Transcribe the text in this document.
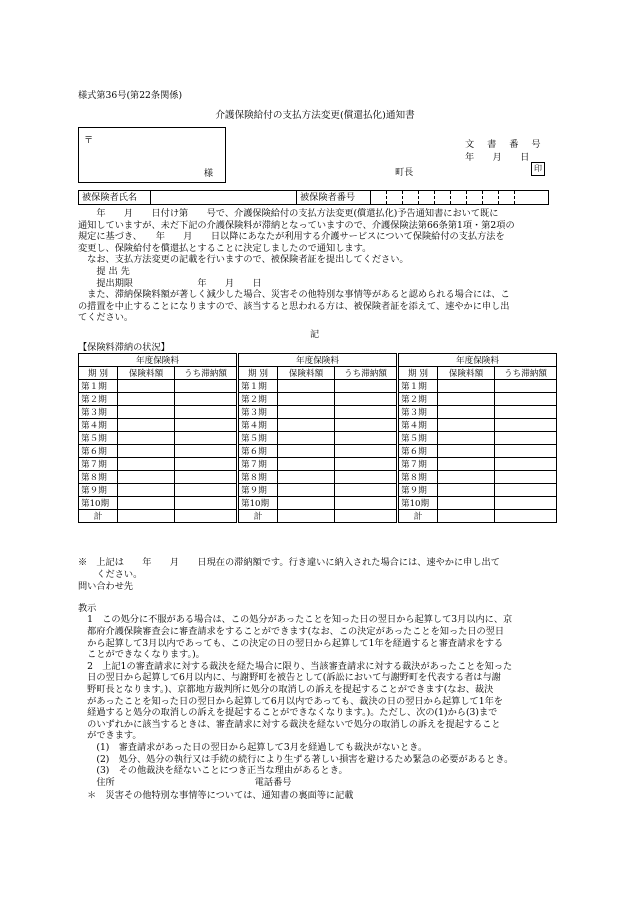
様式第36号(第22条関係)
介護保険給付の支払方法変更(償還払化)通知書
〒
様
文 書 番 号
年　　月　　日
町長	印
被保険者氏名	被保険者番号

　　年　　月　　日付け第　　号で、介護保険給付の支払方法変更(償還払化)予告通知書において既に

通知していますが、未だ下記の介護保険料が滞納となっていますので、介護保険法第66条第1項・第2項の

規定に基づき、　　年　　月　　日以降にあなたが利用する介護サービスについて保険給付の支払方法を

変更し、保険給付を償還払とすることに決定しましたので通知します。

　なお、支払方法変更の記載を行いますので、被保険者証を提出してください。

　　提 出 先

　　提出期限　　　　　　　年　　月　　日

　また、滞納保険料額が著しく減少した場合、災害その他特別な事情等があると認められる場合には、こ

の措置を中止することになりますので、該当すると思われる方は、被保険者証を添えて、速やかに申し出

てください。

記
【保険料滞納の状況】
年度保険料		
期 別	保険料額	うち滞納額
第１期		
第２期		
第３期		
第４期		
第５期		
第６期		
第７期		
第８期		
第９期		
第10期		
計		
年度保険料		
期 別	保険料額	うち滞納額
第１期		
第２期		
第３期		
第４期		
第５期		
第６期		
第７期		
第８期		
第９期		
第10期		
計		
年度保険料		
期 別	保険料額	うち滞納額
第１期		
第２期		
第３期		
第４期		
第５期		
第６期		
第７期		
第８期		
第９期		
第10期		
計		

※　上記は　　年　　月　　日現在の滞納額です。行き違いに納入された場合には、速やかに申し出て

　　ください。

問い合わせ先

教示

　1　この処分に不服がある場合は、この処分があったことを知った日の翌日から起算して3月以内に、京

　都府介護保険審査会に審査請求をすることができます(なお、この決定があったことを知った日の翌日

　から起算して3月以内であっても、この決定の日の翌日から起算して1年を経過すると審査請求をする

　ことができなくなります。)。

　2　上記1の審査請求に対する裁決を経た場合に限り、当該審査請求に対する裁決があったことを知った

　日の翌日から起算して6月以内に、与謝野町を被告として(訴訟において与謝野町を代表する者は与謝

　野町長となります。)、京都地方裁判所に処分の取消しの訴えを提起することができます(なお、裁決

　があったことを知った日の翌日から起算して6月以内であっても、裁決の日の翌日から起算して1年を

　経過すると処分の取消しの訴えを提起することができなくなります。)。ただし、次の(1)から(3)まで

　のいずれかに該当するときは、審査請求に対する裁決を経ないで処分の取消しの訴えを提起すること

　ができます。

　　(1)　審査請求があった日の翌日から起算して3月を経過しても裁決がないとき。

　　(2)　処分、処分の執行又は手続の続行により生ずる著しい損害を避けるため緊急の必要があるとき。

　　(3)　その他裁決を経ないことにつき正当な理由があるとき。

　　住所	電話番号

　＊　災害その他特別な事情等については、通知書の裏面等に記載
